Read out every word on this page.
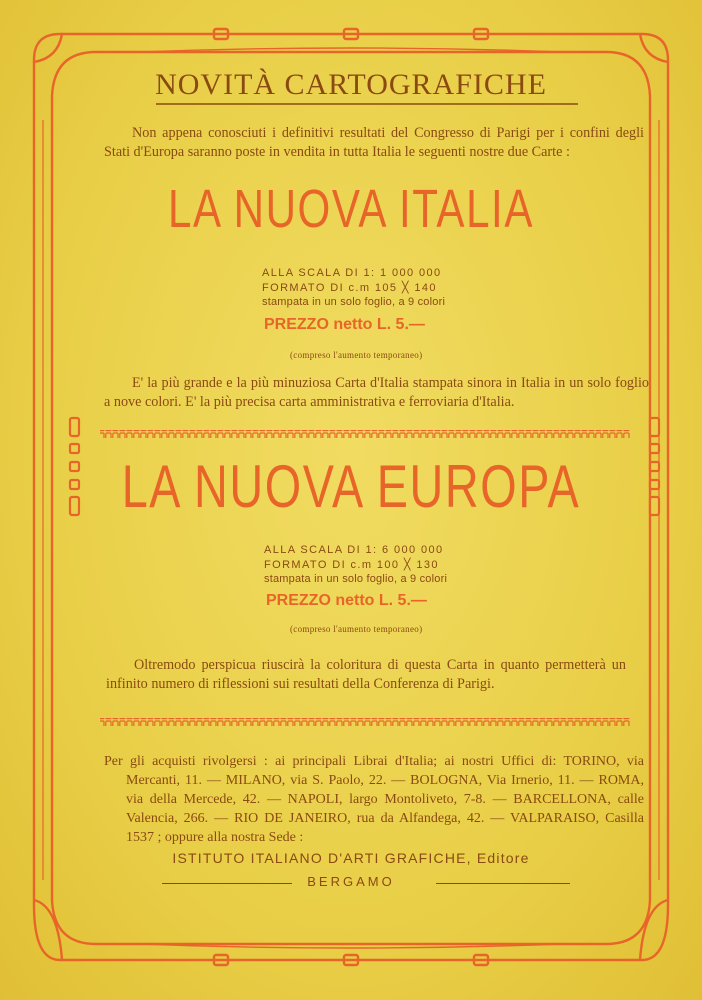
NOVITÀ CARTOGRAFICHE
Non appena conosciuti i definitivi resultati del Congresso di Parigi per i confini degli Stati d'Europa saranno poste in vendita in tutta Italia le seguenti nostre due Carte :
LA NUOVA ITALIA
ALLA SCALA DI 1: 1 000 000
FORMATO DI c.m 105 ╳ 140
stampata in un solo foglio, a 9 colori
PREZZO netto L. 5.—
(compreso l'aumento temporaneo)
E' la più grande e la più minuziosa Carta d'Italia stampata sinora in Italia in un solo foglio a nove colori. E' la più precisa carta amministrativa e ferroviaria d'Italia.
LA NUOVA EUROPA
ALLA SCALA DI 1: 6 000 000
FORMATO DI c.m 100 ╳ 130
stampata in un solo foglio, a 9 colori
PREZZO netto L. 5.—
(compreso l'aumento temporaneo)
Oltremodo perspicua riuscirà la coloritura di questa Carta in quanto permetterà un infinito numero di riflessioni sui resultati della Conferenza di Parigi.
Per gli acquisti rivolgersi : ai principali Librai d'Italia; ai nostri Uffici di: TORINO, via Mercanti, 11. — MILANO, via S. Paolo, 22. — BOLOGNA, Via Irnerio, 11. — ROMA, via della Mercede, 42. — NAPOLI, largo Montoliveto, 7-8. — BARCELLONA, calle Valencia, 266. — RIO DE JANEIRO, rua da Alfandega, 42. — VALPARAISO, Casilla 1537 ; oppure alla nostra Sede :
ISTITUTO ITALIANO D'ARTI GRAFICHE, Editore
BERGAMO
